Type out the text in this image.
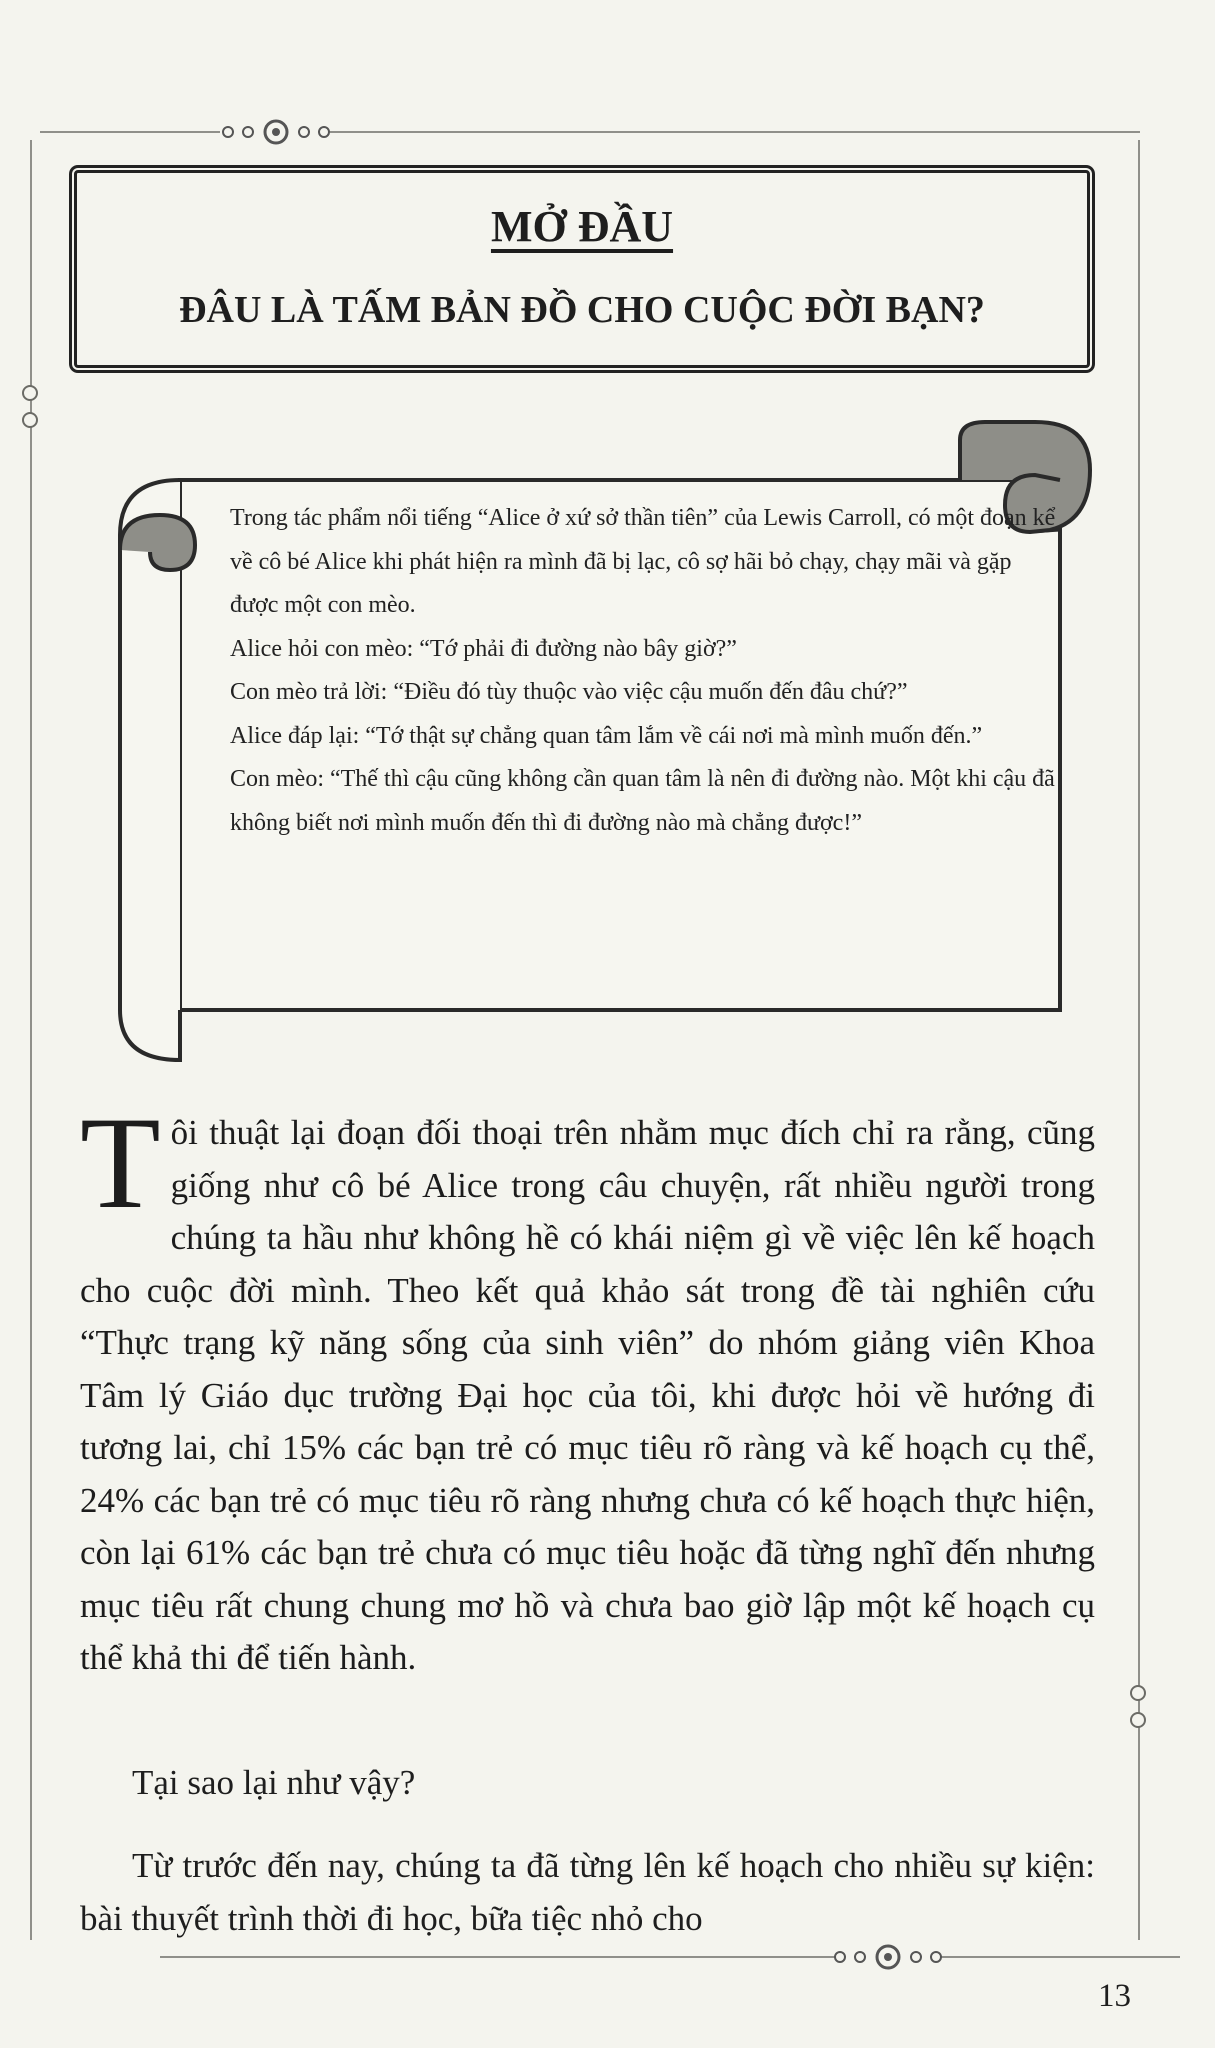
MỞ ĐẦU
ĐÂU LÀ TẤM BẢN ĐỒ CHO CUỘC ĐỜI BẠN?

Trong tác phẩm nổi tiếng “Alice ở xứ sở thần tiên” của Lewis Carroll, có một đoạn kể về cô bé Alice khi phát hiện ra mình đã bị lạc, cô sợ hãi bỏ chạy, chạy mãi và gặp được một con mèo.

Alice hỏi con mèo: “Tớ phải đi đường nào bây giờ?”

Con mèo trả lời: “Điều đó tùy thuộc vào việc cậu muốn đến đâu chứ?”

Alice đáp lại: “Tớ thật sự chẳng quan tâm lắm về cái nơi mà mình muốn đến.”

Con mèo: “Thế thì cậu cũng không cần quan tâm là nên đi đường nào. Một khi cậu đã không biết nơi mình muốn đến thì đi đường nào mà chẳng được!”

Tôi thuật lại đoạn đối thoại trên nhằm mục đích chỉ ra rằng, cũng giống như cô bé Alice trong câu chuyện, rất nhiều người trong chúng ta hầu như không hề có khái niệm gì về việc lên kế hoạch cho cuộc đời mình. Theo kết quả khảo sát trong đề tài nghiên cứu “Thực trạng kỹ năng sống của sinh viên” do nhóm giảng viên Khoa Tâm lý Giáo dục trường Đại học của tôi, khi được hỏi về hướng đi tương lai, chỉ 15% các bạn trẻ có mục tiêu rõ ràng và kế hoạch cụ thể, 24% các bạn trẻ có mục tiêu rõ ràng nhưng chưa có kế hoạch thực hiện, còn lại 61% các bạn trẻ chưa có mục tiêu hoặc đã từng nghĩ đến nhưng mục tiêu rất chung chung mơ hồ và chưa bao giờ lập một kế hoạch cụ thể khả thi để tiến hành.

Tại sao lại như vậy?
Từ trước đến nay, chúng ta đã từng lên kế hoạch cho nhiều sự kiện: bài thuyết trình thời đi học, bữa tiệc nhỏ cho
13
